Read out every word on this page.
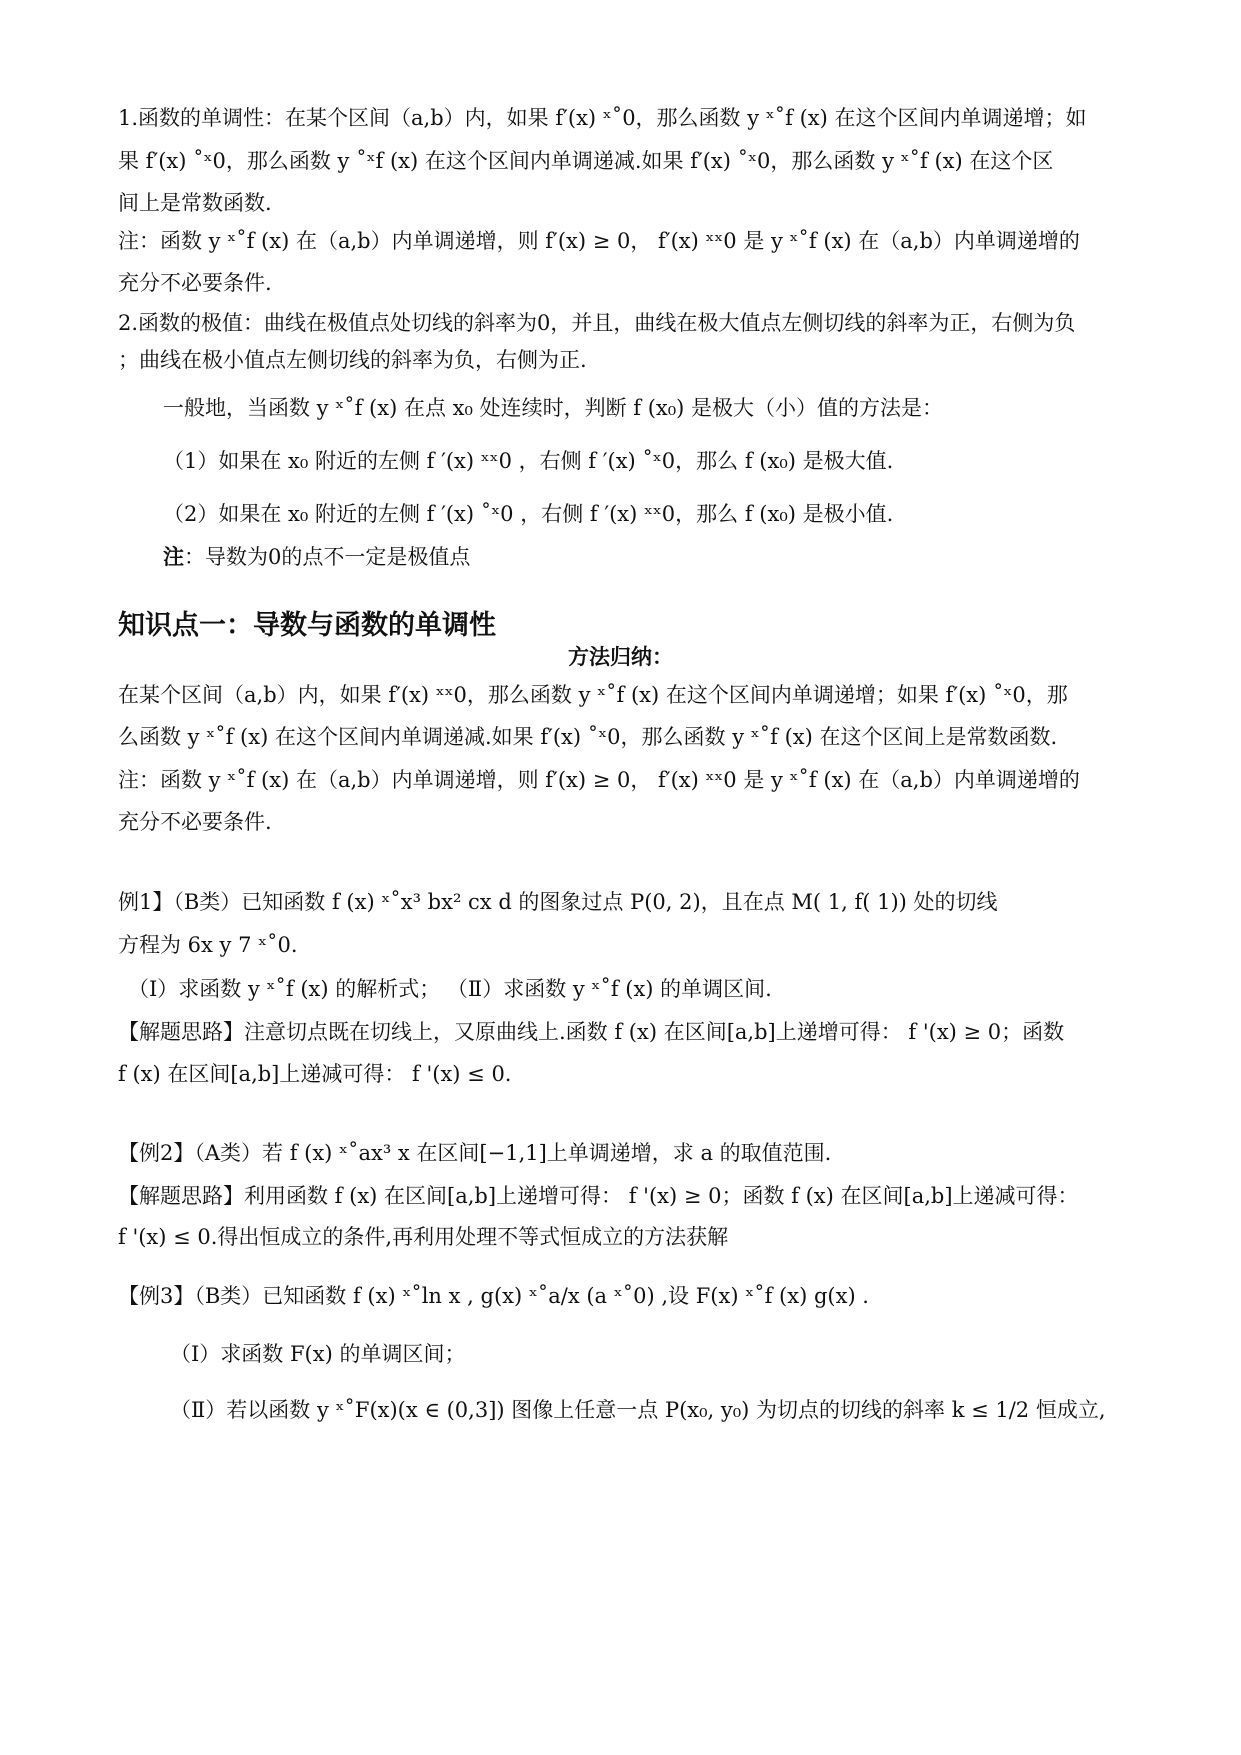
1.函数的单调性：在某个区间（a,b）内，如果 f′(x) ˣ˚0，那么函数 y ˣ˚f (x) 在这个区间内单调递增；如
果 f′(x) ˚ˣ0，那么函数 y ˚ˣf (x) 在这个区间内单调递减.如果 f′(x) ˚ˣ0，那么函数 y ˣ˚f (x) 在这个区
间上是常数函数.
注：函数 y ˣ˚f (x) 在（a,b）内单调递增，则 f′(x) ≥ 0， f′(x) ˣˣ0 是 y ˣ˚f (x) 在（a,b）内单调递增的
充分不必要条件.
2.函数的极值：曲线在极值点处切线的斜率为0，并且，曲线在极大值点左侧切线的斜率为正，右侧为负
；曲线在极小值点左侧切线的斜率为负，右侧为正.
一般地，当函数 y ˣ˚f (x) 在点 x₀ 处连续时，判断 f (x₀) 是极大（小）值的方法是：
（1）如果在 x₀ 附近的左侧 f ′(x) ˣˣ0 ，右侧 f ′(x) ˚ˣ0，那么 f (x₀) 是极大值.
（2）如果在 x₀ 附近的左侧 f ′(x) ˚ˣ0 ，右侧 f ′(x) ˣˣ0，那么 f (x₀) 是极小值.
注：导数为0的点不一定是极值点
知识点一：导数与函数的单调性
方法归纳：
在某个区间（a,b）内，如果 f′(x) ˣˣ0，那么函数 y ˣ˚f (x) 在这个区间内单调递增；如果 f′(x) ˚ˣ0，那
么函数 y ˣ˚f (x) 在这个区间内单调递减.如果 f′(x) ˚ˣ0，那么函数 y ˣ˚f (x) 在这个区间上是常数函数.
注：函数 y ˣ˚f (x) 在（a,b）内单调递增，则 f′(x) ≥ 0， f′(x) ˣˣ0 是 y ˣ˚f (x) 在（a,b）内单调递增的
充分不必要条件.
例1】（B类）已知函数 f (x) ˣ˚x³ bx² cx d 的图象过点 P(0, 2)，且在点 M( 1, f( 1)) 处的切线
方程为 6x y 7 ˣ˚0.
（Ⅰ）求函数 y ˣ˚f (x) 的解析式； （Ⅱ）求函数 y ˣ˚f (x) 的单调区间.
【解题思路】注意切点既在切线上，又原曲线上.函数 f (x) 在区间[a,b]上递增可得： f '(x) ≥ 0；函数
f (x) 在区间[a,b]上递减可得： f '(x) ≤ 0.
【例2】（A类）若 f (x) ˣ˚ax³ x 在区间[−1,1]上单调递增，求 a 的取值范围.
【解题思路】利用函数 f (x) 在区间[a,b]上递增可得： f '(x) ≥ 0；函数 f (x) 在区间[a,b]上递减可得：
f '(x) ≤ 0.得出恒成立的条件,再利用处理不等式恒成立的方法获解
【例3】（B类）已知函数 f (x) ˣ˚ln x , g(x) ˣ˚a/x (a ˣ˚0) ,设 F(x) ˣ˚f (x) g(x) .
（Ⅰ）求函数 F(x) 的单调区间；
（Ⅱ）若以函数 y ˣ˚F(x)(x ∈ (0,3]) 图像上任意一点 P(x₀, y₀) 为切点的切线的斜率 k ≤ 1/2 恒成立,
